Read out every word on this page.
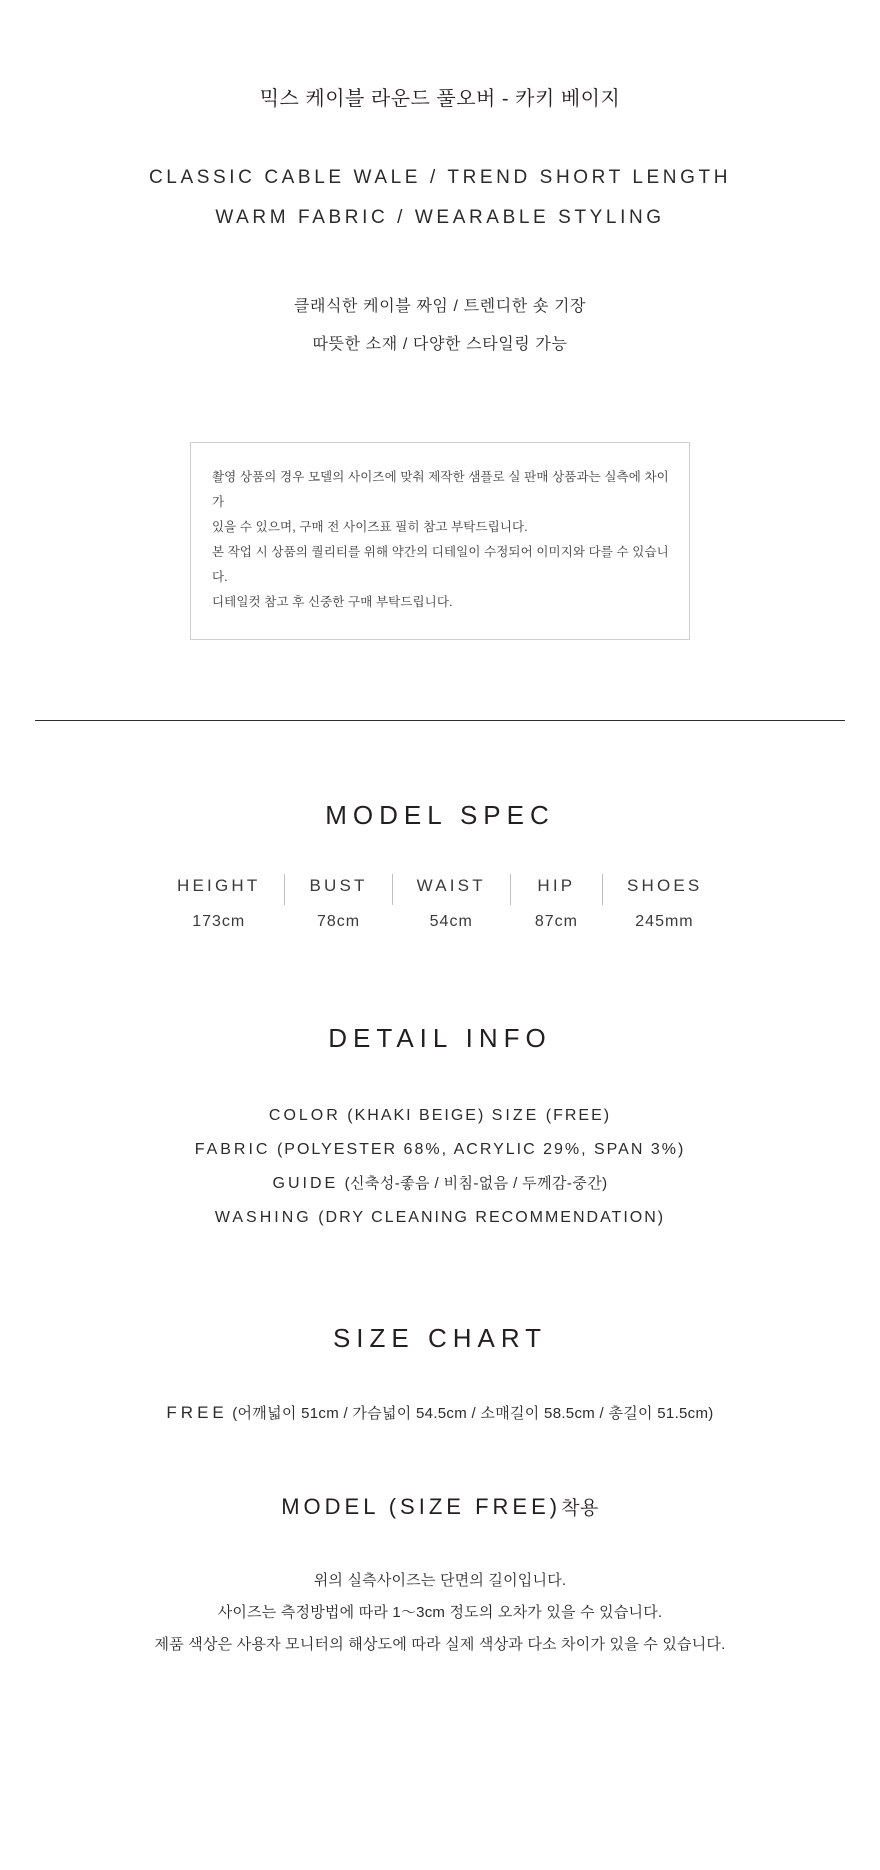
믹스 케이블 라운드 풀오버 - 카키 베이지
CLASSIC CABLE WALE / TREND SHORT LENGTH
WARM FABRIC / WEARABLE STYLING
클래식한 케이블 짜임 / 트렌디한 숏 기장
따뜻한 소재 / 다양한 스타일링 가능

촬영 상품의 경우 모델의 사이즈에 맞춰 제작한 샘플로 실 판매 상품과는 실측에 차이가

있을 수 있으며, 구매 전 사이즈표 필히 참고 부탁드립니다.

본 작업 시 상품의 퀄리티를 위해 약간의 디테일이 수정되어 이미지와 다를 수 있습니다.

디테일컷 참고 후 신중한 구매 부탁드립니다.

MODEL SPEC
HEIGHT	BUST	WAIST	HIP	SHOES
173cm	78cm	54cm	87cm	245mm
DETAIL INFO
COLOR (KHAKI BEIGE) SIZE (FREE)
FABRIC (POLYESTER 68%, ACRYLIC 29%, SPAN 3%)
GUIDE (신축성-좋음 / 비침-없음 / 두께감-중간)
WASHING (DRY CLEANING RECOMMENDATION)
SIZE CHART
FREE (어깨넓이 51cm / 가슴넓이 54.5cm / 소매길이 58.5cm / 총길이 51.5cm)
MODEL (SIZE FREE)착용
위의 실측사이즈는 단면의 길이입니다.
사이즈는 측정방법에 따라 1〜3cm 정도의 오차가 있을 수 있습니다.
제품 색상은 사용자 모니터의 해상도에 따라 실제 색상과 다소 차이가 있을 수 있습니다.
